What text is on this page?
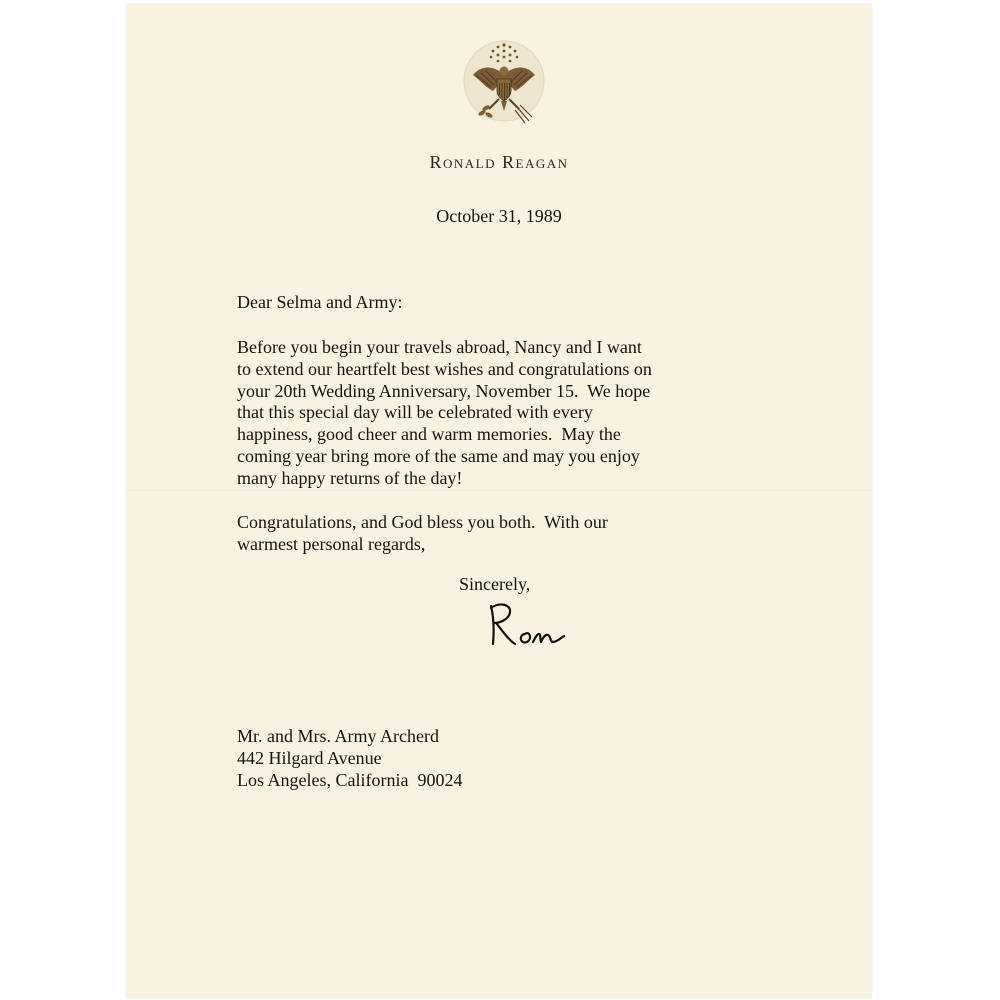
Ronald Reagan
October 31, 1989
Dear Selma and Army:
Before you begin your travels abroad, Nancy and I want
to extend our heartfelt best wishes and congratulations on
your 20th Wedding Anniversary, November 15.  We hope
that this special day will be celebrated with every
happiness, good cheer and warm memories.  May the
coming year bring more of the same and may you enjoy
many happy returns of the day!
Congratulations, and God bless you both.  With our
warmest personal regards,
Sincerely,
Mr. and Mrs. Army Archerd
442 Hilgard Avenue
Los Angeles, California  90024
